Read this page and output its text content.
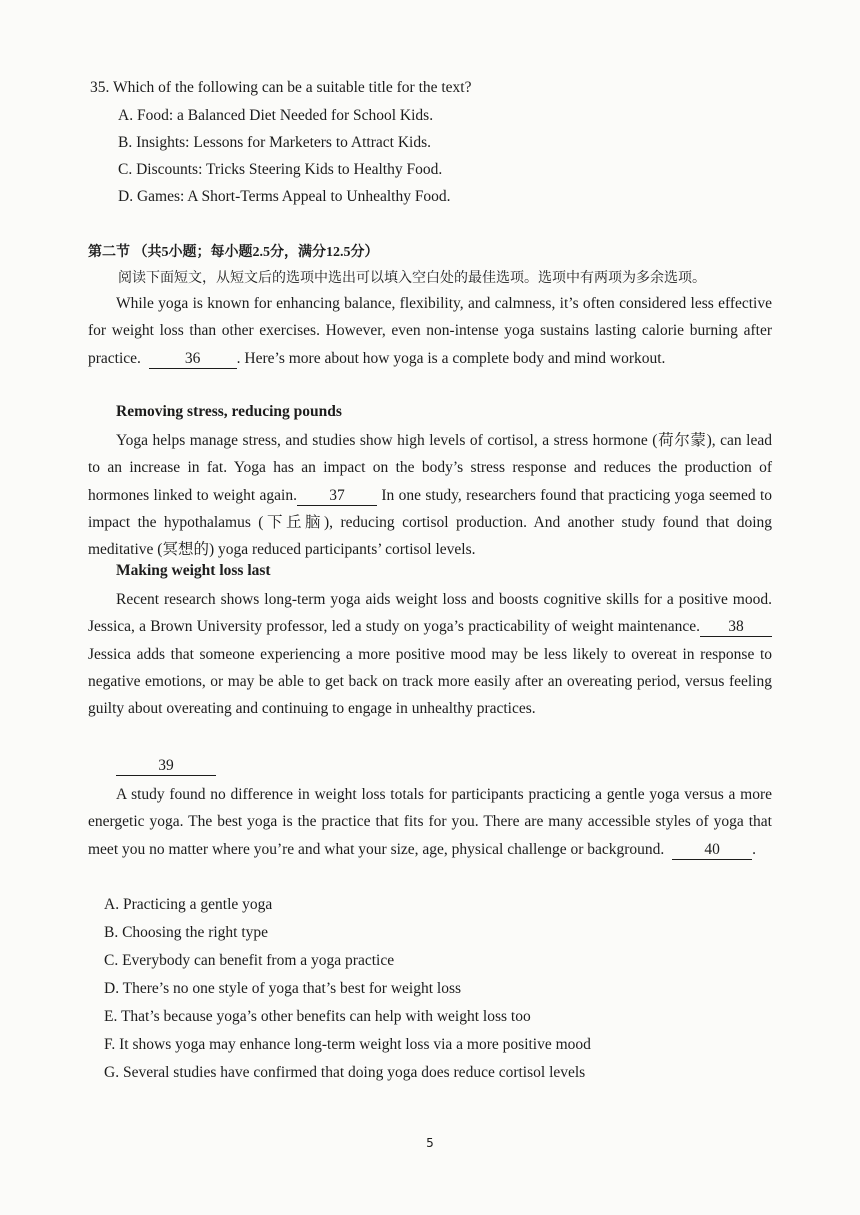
35. Which of the following can be a suitable title for the text?
A. Food: a Balanced Diet Needed for School Kids.
B. Insights: Lessons for Marketers to Attract Kids.
C. Discounts: Tricks Steering Kids to Healthy Food.
D. Games: A Short-Terms Appeal to Unhealthy Food.
第二节 （共5小题；每小题2.5分，满分12.5分）
阅读下面短文，从短文后的选项中选出可以填入空白处的最佳选项。选项中有两项为多余选项。
While yoga is known for enhancing balance, flexibility, and calmness, it’s often considered less effective for weight loss than other exercises. However, even non-intense yoga sustains lasting calorie burning after practice.	36 . Here’s more about how yoga is a complete body and mind workout.
Removing stress, reducing pounds
Yoga helps manage stress, and studies show high levels of cortisol, a stress hormone (荷尔蒙), can lead to an increase in fat. Yoga has an impact on the body’s stress response and reduces the production of hormones linked to weight again. 37 In one study, researchers found that practicing yoga seemed to impact the hypothalamus (下丘脑), reducing cortisol production. And another study found that doing meditative (冥想的) yoga reduced participants’ cortisol levels.
Making weight loss last
Recent research shows long-term yoga aids weight loss and boosts cognitive skills for a positive mood. Jessica, a Brown University professor, led a study on yoga’s practicability of weight maintenance. 38 Jessica adds that someone experiencing a more positive mood may be less likely to overeat in response to negative emotions, or may be able to get back on track more easily after an overeating period, versus feeling guilty about overeating and continuing to engage in unhealthy practices.
39
A study found no difference in weight loss totals for participants practicing a gentle yoga versus a more energetic yoga. The best yoga is the practice that fits for you. There are many accessible styles of yoga that meet you no matter where you’re and what your size, age, physical challenge or background.	40 .
A. Practicing a gentle yoga
B. Choosing the right type
C. Everybody can benefit from a yoga practice
D. There’s no one style of yoga that’s best for weight loss
E. That’s because yoga’s other benefits can help with weight loss too
F. It shows yoga may enhance long-term weight loss via a more positive mood
G. Several studies have confirmed that doing yoga does reduce cortisol levels
5
